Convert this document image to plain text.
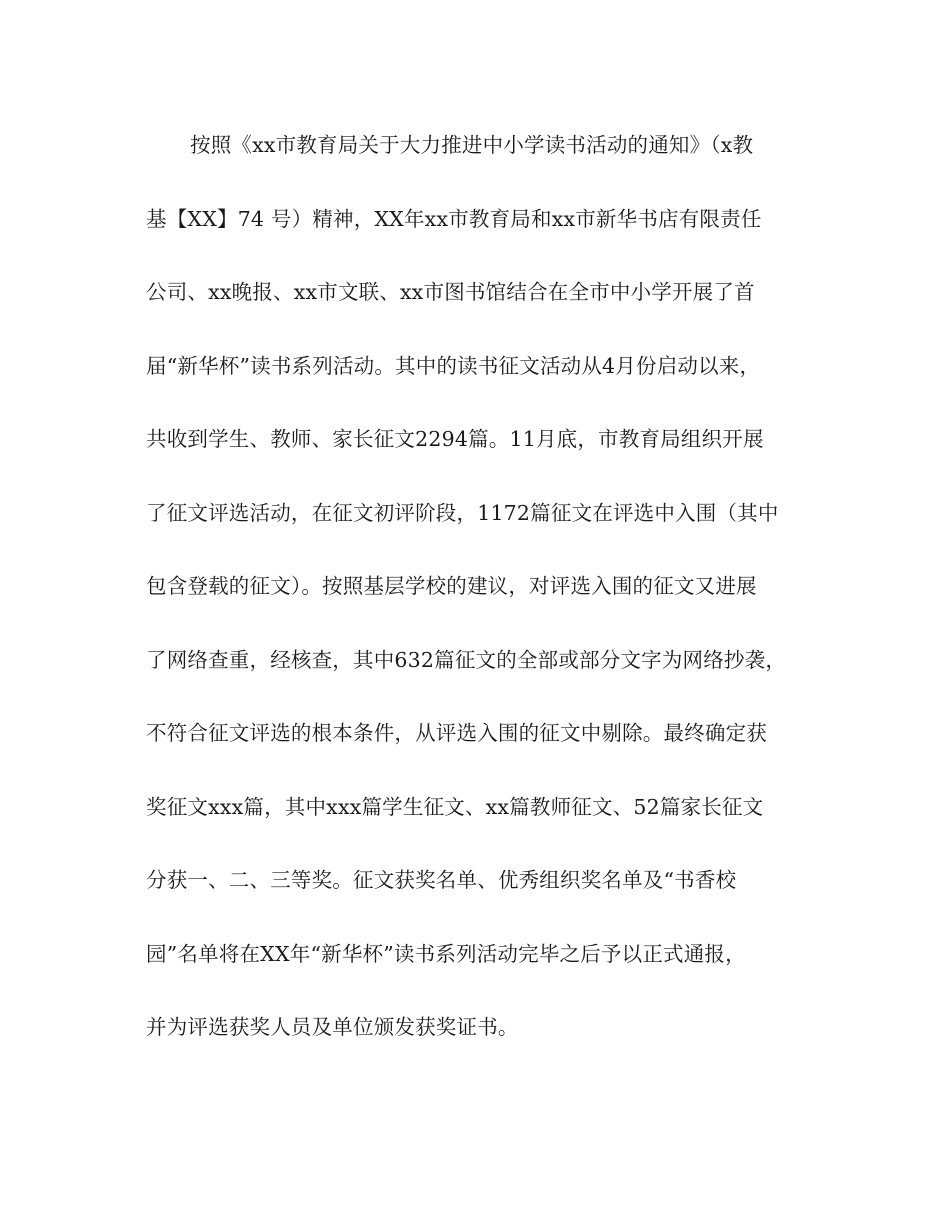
按照《xx市教育局关于大力推进中小学读书活动的通知》（x教
基【XX】74 号）精神，XX年xx市教育局和xx市新华书店有限责任
公司、xx晚报、xx市文联、xx市图书馆结合在全市中小学开展了首
届“新华杯”读书系列活动。其中的读书征文活动从4月份启动以来，
共收到学生、教师、家长征文2294篇。11月底，市教育局组织开展
了征文评选活动，在征文初评阶段，1172篇征文在评选中入围（其中
包含登载的征文）。按照基层学校的建议，对评选入围的征文又进展
了网络查重，经核查，其中632篇征文的全部或部分文字为网络抄袭，
不符合征文评选的根本条件，从评选入围的征文中剔除。最终确定获
奖征文xxx篇，其中xxx篇学生征文、xx篇教师征文、52篇家长征文
分获一、二、三等奖。征文获奖名单、优秀组织奖名单及“书香校
园”名单将在XX年“新华杯”读书系列活动完毕之后予以正式通报，
并为评选获奖人员及单位颁发获奖证书。
